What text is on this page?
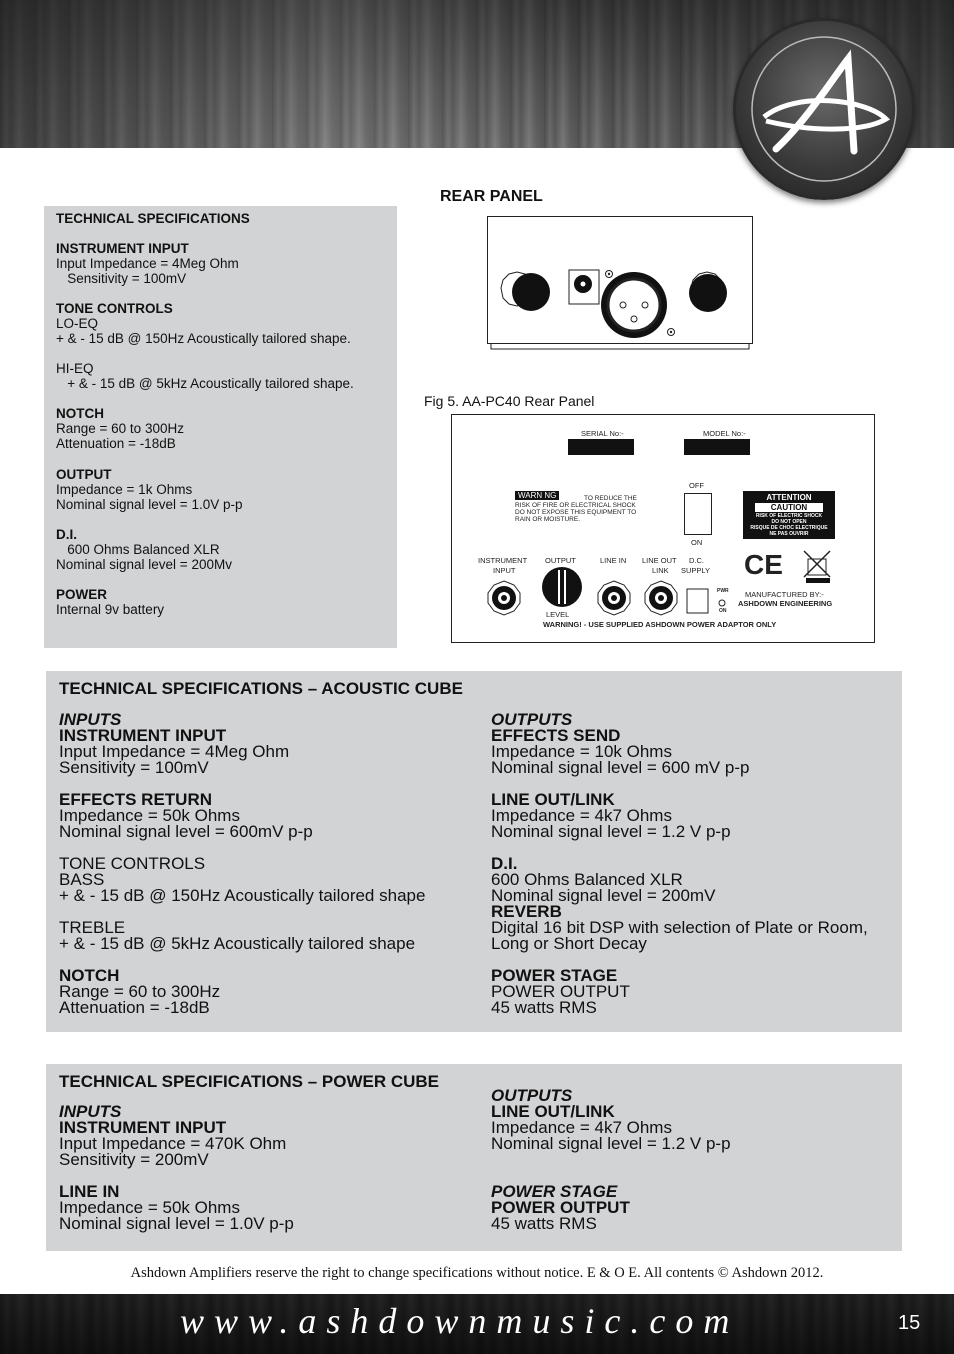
REAR PANEL

TECHNICAL SPECIFICATIONS

INSTRUMENT INPUT

Input Impedance = 4Meg Ohm

Sensitivity = 100mV

TONE CONTROLS

LO-EQ

+ & - 15 dB @ 150Hz Acoustically tailored shape.

HI-EQ

+ & - 15 dB @ 5kHz Acoustically tailored shape.

NOTCH

Range = 60 to 300Hz

Attenuation = -18dB

OUTPUT

Impedance = 1k Ohms

Nominal signal level = 1.0V p-p

D.I.

600 Ohms Balanced XLR

Nominal signal level = 200Mv

POWER

Internal 9v battery

Fig 5. AA-PC40 Rear Panel
SERIAL No:-	MODEL No:-
WARN NG	TO REDUCE THE
RISK OF FIRE OR ELECTRICAL SHOCK
DO NOT EXPOSE THIS EQUIPMENT TO
RAIN OR MOISTURE.
OFF
ON
ATTENTION
CAUTION
RISK OF ELECTRIC SHOCK
DO NOT OPEN
RISQUE DE CHOC ELECTRIQUE
NE PAS OUVRIR
INSTRUMENT
INPUT
OUTPUT	LINE IN LINE OUT
LINK
D.C.
SUPPLY
LEVEL
PWR
ON
CE
MANUFACTURED BY:-
ASHDOWN ENGINEERING
WARNING! - USE SUPPLIED ASHDOWN POWER ADAPTOR ONLY
TECHNICAL SPECIFICATIONS – ACOUSTIC CUBE

INPUTS

INSTRUMENT INPUT

Input Impedance = 4Meg Ohm

Sensitivity = 100mV

EFFECTS RETURN

Impedance = 50k Ohms

Nominal signal level = 600mV p-p

TONE CONTROLS

BASS

+ & - 15 dB @ 150Hz Acoustically tailored shape

TREBLE

+ & - 15 dB @ 5kHz Acoustically tailored shape

NOTCH

Range = 60 to 300Hz

Attenuation = -18dB

OUTPUTS

EFFECTS SEND

Impedance = 10k Ohms

Nominal signal level = 600 mV p-p

LINE OUT/LINK

Impedance = 4k7 Ohms

Nominal signal level = 1.2 V p-p

D.I.

600 Ohms Balanced XLR

Nominal signal level = 200mV

REVERB

Digital 16 bit DSP with selection of Plate or Room,

Long or Short Decay

POWER STAGE

POWER OUTPUT

45 watts RMS

TECHNICAL SPECIFICATIONS – POWER CUBE

INPUTS

INSTRUMENT INPUT

Input Impedance = 470K Ohm

Sensitivity = 200mV

LINE IN

Impedance = 50k Ohms

Nominal signal level = 1.0V p-p

OUTPUTS

LINE OUT/LINK

Impedance = 4k7 Ohms

Nominal signal level = 1.2 V p-p

POWER STAGE

POWER OUTPUT

45 watts RMS

Ashdown Amplifiers reserve the right to change specifications without notice. E & O E. All contents © Ashdown 2012.
www.ashdownmusic.com	15
